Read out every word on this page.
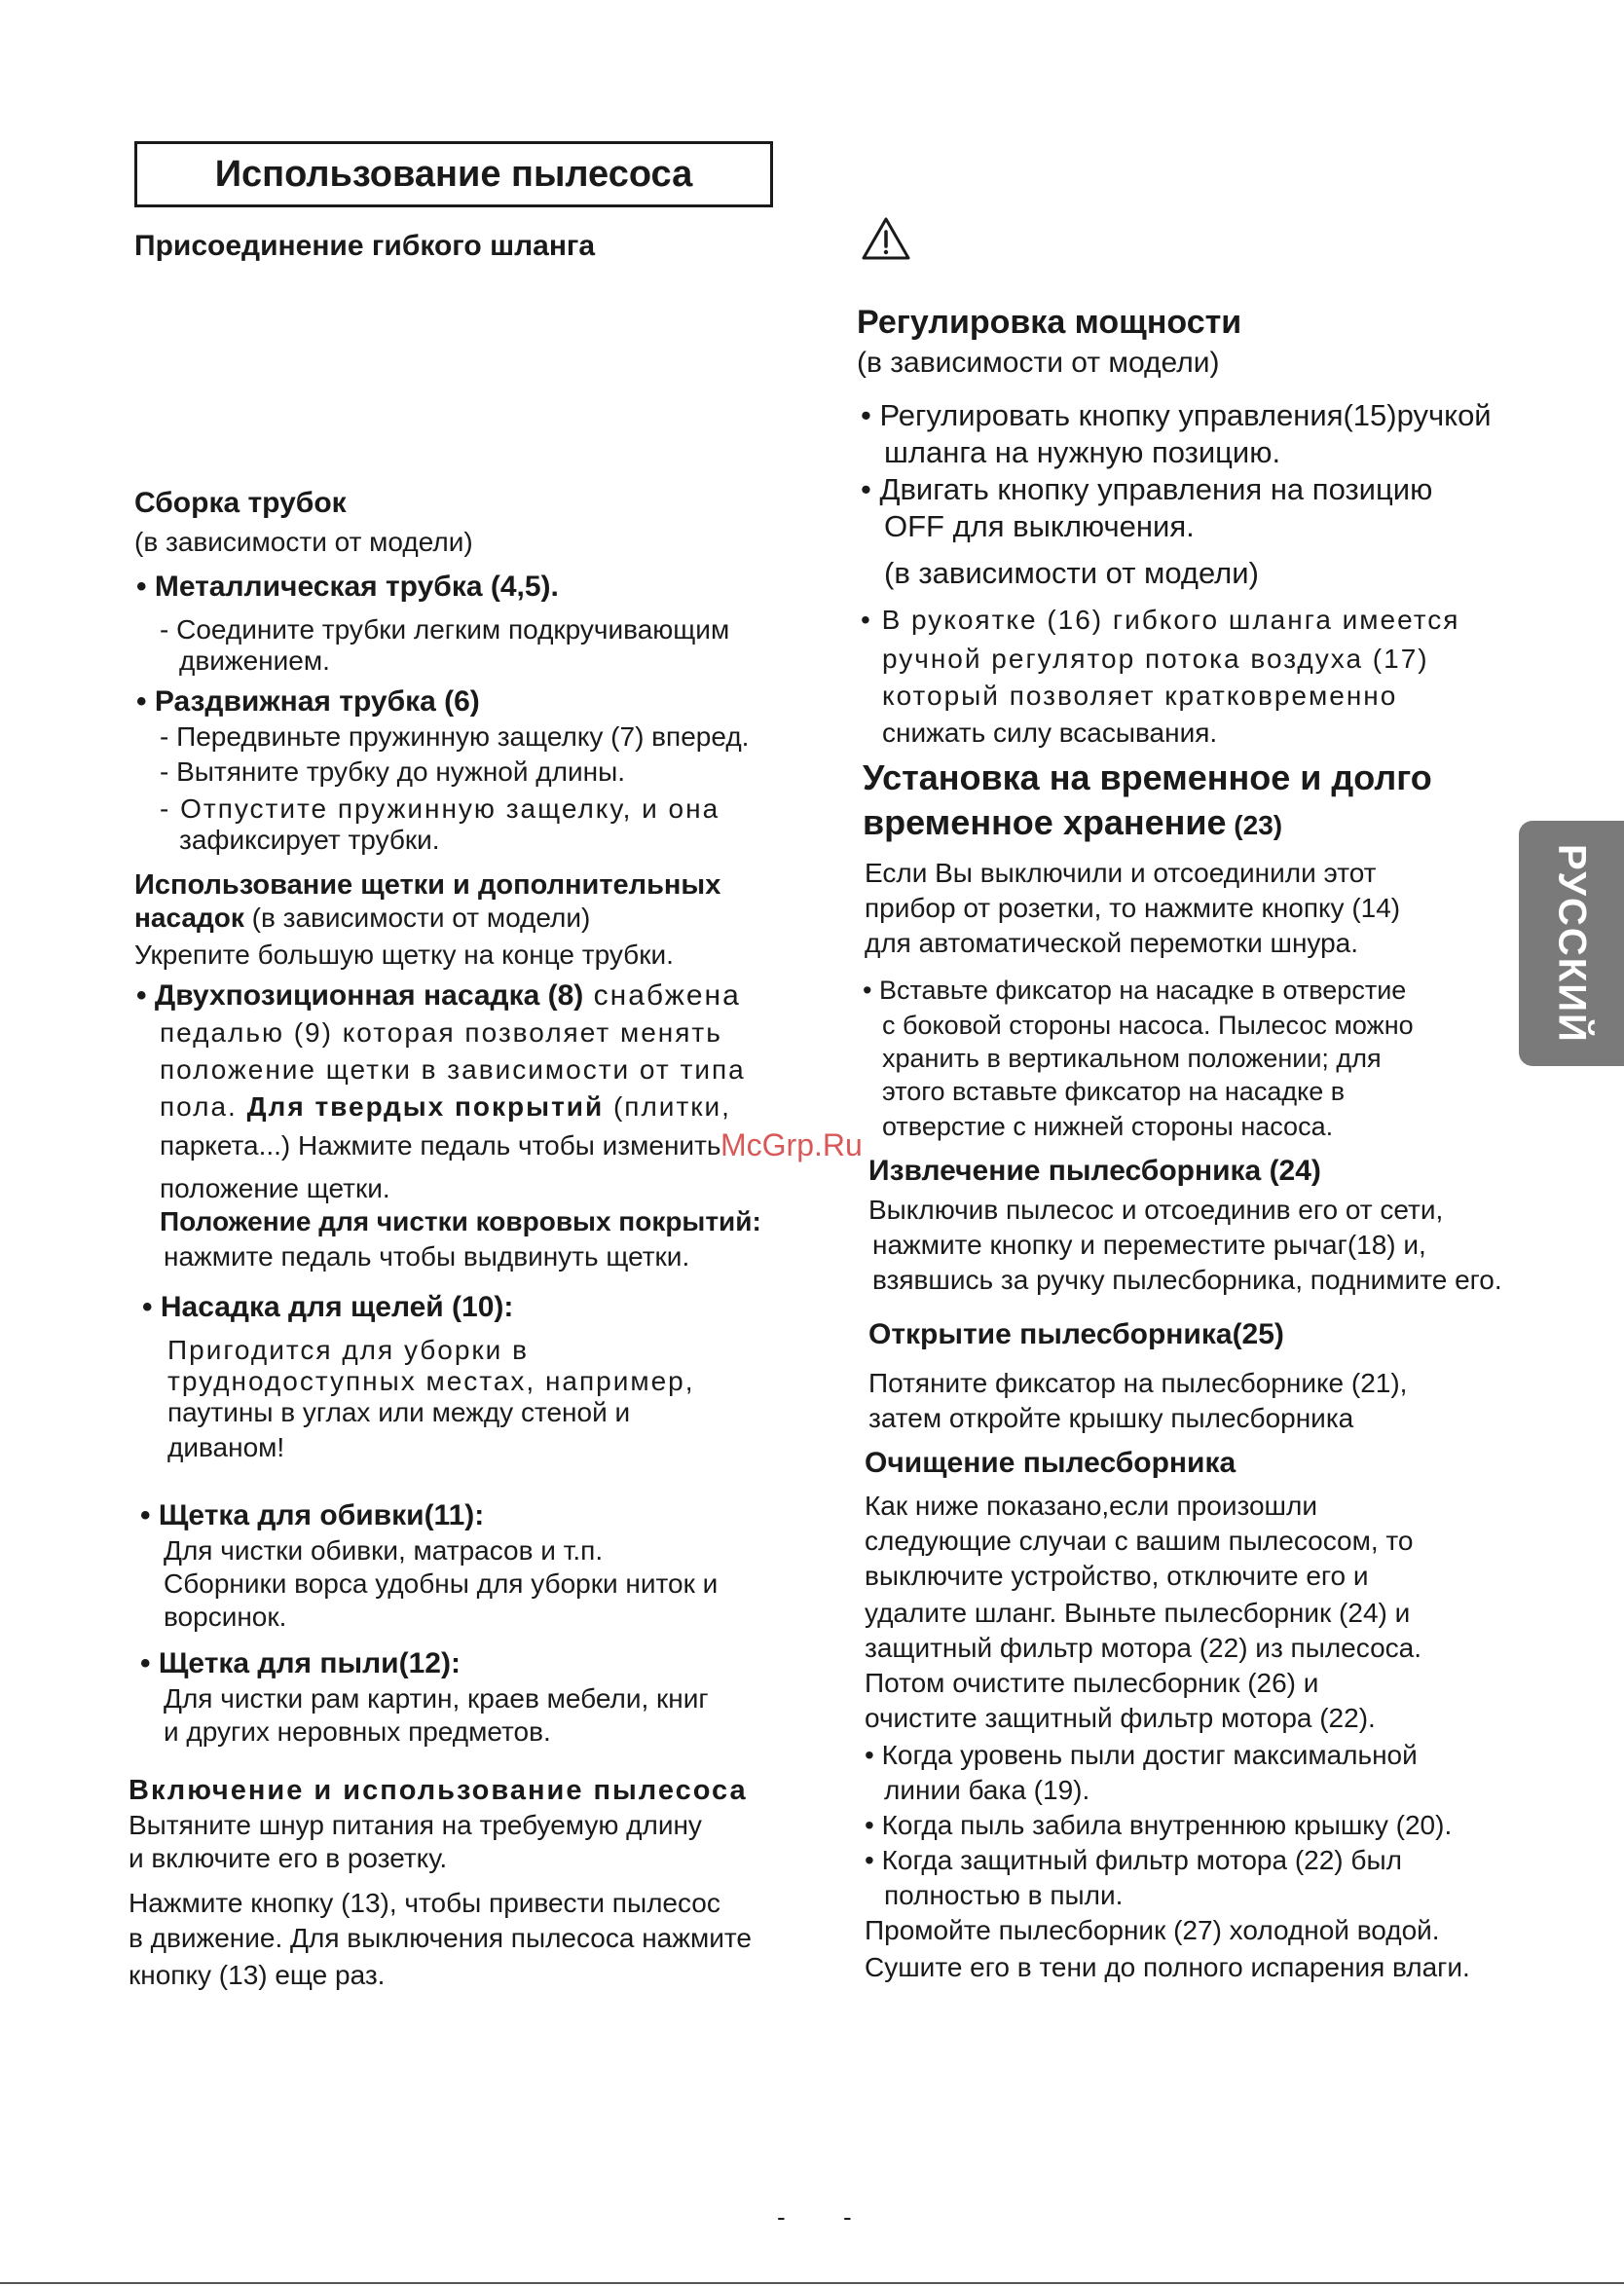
Использование пылесоса
Присоединение гибкого шланга
Сборка трубок
(в зависимости от модели)
• Металлическая трубка (4,5).
- Соедините трубки легким подкручивающим
движением.
• Раздвижная трубка (6)
- Передвиньте пружинную защелку (7) вперед.
- Вытяните трубку до нужной длины.
- Отпустите пружинную защелку, и она
зафиксирует трубки.
Использование щетки и дополнительных
насадок (в зависимости от модели)
Укрепите большую щетку на конце трубки.
• Двухпозиционная насадка (8) снабжена
педалью (9) которая позволяет менять
положение щетки в зависимости от типа
пола. Для твердых покрытий (плитки,
паркета...) Нажмите педаль чтобы изменить
положение щетки.
Положение для чистки ковровых покрытий:
нажмите педаль чтобы выдвинуть щетки.
• Насадка для щелей (10):
Пригодится для уборки в
труднодоступных местах, например,
паутины в углах или между стеной и
диваном!
• Щетка для обивки(11):
Для чистки обивки, матрасов и т.п.
Сборники ворса удобны для уборки ниток и
ворсинок.
• Щетка для пыли(12):
Для чистки рам картин, краев мебели, книг
и других неровных предметов.
Включение и использование пылесоса
Вытяните шнур питания на требуемую длину
и включите его в розетку.
Нажмите кнопку (13), чтобы привести пылесос
в движение. Для выключения пылесоса нажмите
кнопку (13) еще раз.
Регулировка мощности
(в зависимости от модели)
• Регулировать кнопку управления(15)ручкой
шланга на нужную позицию.
• Двигать кнопку управления на позицию
OFF для выключения.
(в зависимости от модели)
• В рукоятке (16) гибкого шланга имеется
ручной регулятор потока воздуха (17)
который позволяет кратковременно
снижать силу всасывания.
Установка на временное и долго
временное хранение (23)
Если Вы выключили и отсоединили этот
прибор от розетки, то нажмите кнопку (14)
для автоматической перемотки шнура.
• Вставьте фиксатор на насадке в отверстие
с боковой стороны насоса. Пылесос можно
хранить в вертикальном положении; для
этого вставьте фиксатор на насадке в
отверстие с нижней стороны насоса.
Извлечение пылесборника (24)
Выключив пылесос и отсоединив его от сети,
нажмите кнопку и переместите рычаг(18) и,
взявшись за ручку пылесборника, поднимите его.
Открытие пылесборника(25)
Потяните фиксатор на пылесборнике (21),
затем откройте крышку пылесборника
Очищение пылесборника
Как ниже показано,если произошли
следующие случаи с вашим пылесосом, то
выключите устройство, отключите его и
удалите шланг. Выньте пылесборник (24) и
защитный фильтр мотора (22) из пылесоса.
Потом очистите пылесборник (26) и
очистите защитный фильтр мотора (22).
• Когда уровень пыли достиг максимальной
линии бака (19).
• Когда пыль забила внутреннюю крышку (20).
• Когда защитный фильтр мотора (22) был
полностью в пыли.
Промойте пылесборник (27) холодной водой.
Сушите его в тени до полного испарения влаги.
РУССКИЙ
McGrp.Ru
- -
